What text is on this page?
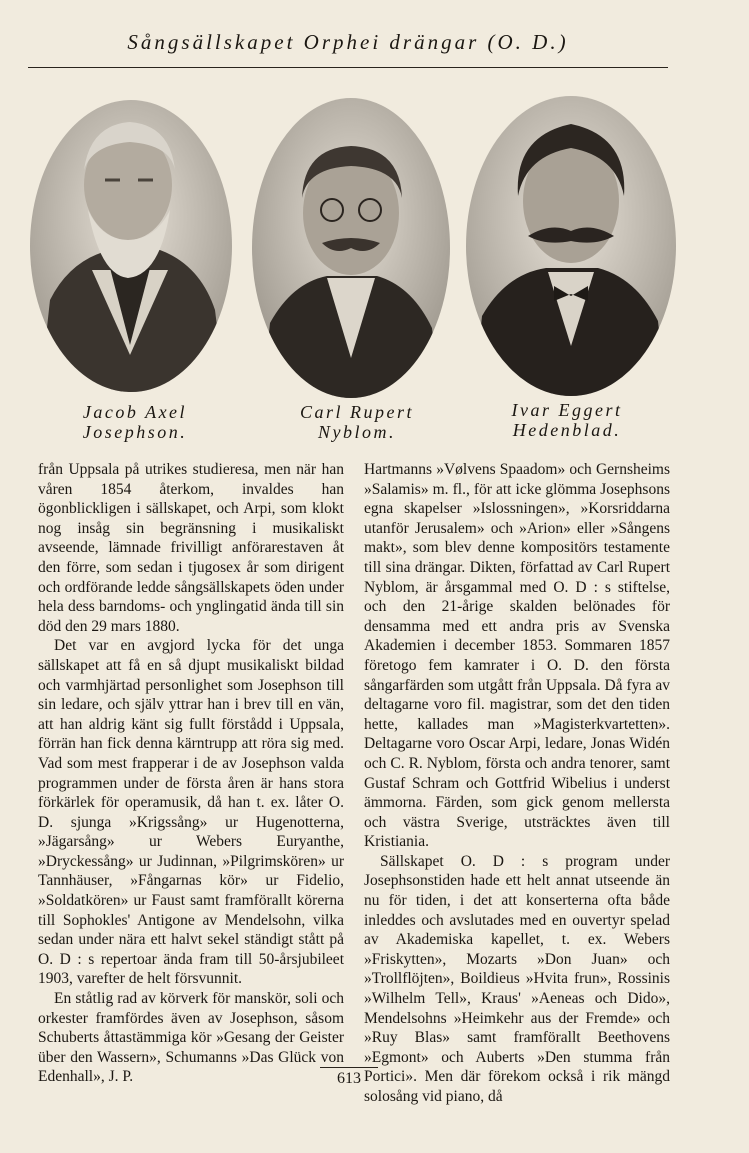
Sångsällskapet Orphei drängar (O. D.)
Jacob Axel
Josephson.
Carl Rupert
Nyblom.
Ivar Eggert
Hedenblad.

från Uppsala på utrikes studieresa, men när han våren 1854 återkom, invaldes han ögonblickligen i sällskapet, och Arpi, som klokt nog insåg sin begränsning i musikaliskt avseende, lämnade frivilligt anförarestaven åt den förre, som sedan i tjugosex år som dirigent och ordförande ledde sångsällskapets öden under hela dess barndoms- och ynglingatid ända till sin död den 29 mars 1880.

Det var en avgjord lycka för det unga sällskapet att få en så djupt musikaliskt bildad och varmhjärtad personlighet som Josephson till sin ledare, och själv yttrar han i brev till en vän, att han aldrig känt sig fullt förstådd i Uppsala, förrän han fick denna kärntrupp att röra sig med. Vad som mest frapperar i de av Josephson valda programmen under de första åren är hans stora förkärlek för operamusik, då han t. ex. låter O. D. sjunga »Krigssång» ur Hugenotterna, »Jägarsång» ur Webers Euryanthe, »Dryckessång» ur Judinnan, »Pilgrimskören» ur Tannhäuser, »Fångarnas kör» ur Fidelio, »Soldatkören» ur Faust samt framförallt körerna till Sophokles' Antigone av Mendelsohn, vilka sedan under nära ett halvt sekel ständigt stått på O. D : s repertoar ända fram till 50-årsjubileet 1903, varefter de helt försvunnit.

En ståtlig rad av körverk för manskör, soli och orkester framfördes även av Josephson, såsom Schuberts åttastämmiga kör »Gesang der Geister über den Wassern», Schumanns »Das Glück von Edenhall», J. P.

Hartmanns »Vølvens Spaadom» och Gernsheims »Salamis» m. fl., för att icke glömma Josephsons egna skapelser »Islossningen», »Korsriddarna utanför Jerusalem» och »Arion» eller »Sångens makt», som blev denne kompositörs testamente till sina drängar. Dikten, författad av Carl Rupert Nyblom, är årsgammal med O. D : s stiftelse, och den 21-årige skalden belönades för densamma med ett andra pris av Svenska Akademien i december 1853. Sommaren 1857 företogo fem kamrater i O. D. den första sångarfärden som utgått från Uppsala. Då fyra av deltagarne voro fil. magistrar, som det den tiden hette, kallades man »Magisterkvartetten». Deltagarne voro Oscar Arpi, ledare, Jonas Widén och C. R. Nyblom, första och andra tenorer, samt Gustaf Schram och Gottfrid Wibelius i underst ämmorna. Färden, som gick genom mellersta och västra Sverige, utsträcktes även till Kristiania.

Sällskapet O. D : s program under Josephsonstiden hade ett helt annat utseende än nu för tiden, i det att konserterna ofta både inleddes och avslutades med en ouvertyr spelad av Akademiska kapellet, t. ex. Webers »Friskytten», Mozarts »Don Juan» och »Trollflöjten», Boildieus »Hvita frun», Rossinis »Wilhelm Tell», Kraus' »Aeneas och Dido», Mendelsohns »Heimkehr aus der Fremde» och »Ruy Blas» samt framförallt Beethovens »Egmont» och Auberts »Den stumma från Portici». Men där förekom också i rik mängd solosång vid piano, då

613
